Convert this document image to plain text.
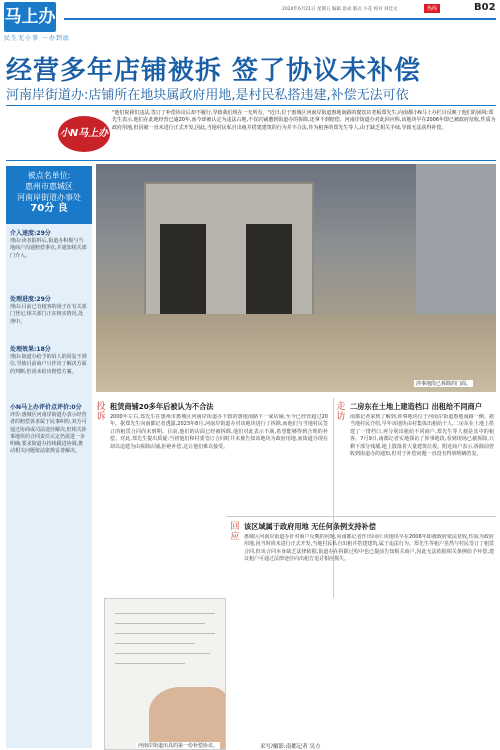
马上办
民生无小事 一办到底
2024年6月21日 星期五 编辑 思成 版式 小花 校对 刘佳文	热线	B02
经营多年店铺被拆 签了协议未补偿
河南岸街道办:店铺所在地块属政府用地,是村民私搭违建,补偿无法可依
小N马上办
"他们说我们违法,签订了补偿协议后却不履行,导致我们现在一无所有。"近日,位于惠城区河南岸街道惠地南路的餐饮店老板郑先生,向南都小N马上办栏目反映了他们的困境:郑先生表示,他们在此地经营已逾20年,而今却被认定为违法占地,不仅店铺遭到街道办的拆除,还拿不到赔偿。河南岸街道办对此回应称,该地块早在2006年即已被政府征收,性质为政府用地,但因被一直未进行正式开发,因此,当地村民私自出租并搭建建筑的行为并不合法,作为租客的郑先生等人,由于缺乏相关手续,导致无法获得补偿。
被点名单位:
惠州市惠城区
河南岸街道办事处
70分 良
介入速度:29分
理由:读者报料后,街道办积极与当地商户沟通赔偿事宜,并通知相关部门介入。
处理进度:29分
理由:目前已有租客的场子在有关部门登记,相关部门正在核实情况,处理中。
处理效果:18分
理由:街道办给予的诉人的回复不到位,导致目前商户只作出了解决方面的判断,但尚未给出赔偿方案。
小N马上办评价点评价:0分
评价:惠城区河南岸街道办表示经营者的赔偿诉求属于民事纠纷,双方可通过协商或司法途径解决,但相关涉事地块的合同责任认定仍需进一步明确,要求街道办持续跟进协调,推动相关问题依法依规妥善解决。
涉事地段已拆除的门面。
投诉
租赁商铺20多年后被认为不合法
2000年左右,郑先生在惠州市惠城区河南岸街道办下辖的惠地南路下一家店铺,至今已经营超过20年。据郑先生向南都记者透露,2023年8月,河南岸街道办对该地块进行了拆除,而他们与当地村民签订的租赁合同尚未到期。目前,他们的店面已经被拆除,他们对此表示不满,希望能够得到合理的补偿。对此,郑先生提出质疑:当初他们和村委签订合同时并未被告知该地块为政府用地,而街道办现在却以违建为由拆除店铺,拒绝补偿,这让他们难以接受。
走访
二房东在土地上建造档口 出租给不同商户
南都记者来到了解到,涉事地块位于河南岸街道惠地南路一侧。据当地村民介绍,早年该地块由村集体出租给个人,二房东在土地上搭建了一排档口,再分别出租给不同商户,郑先生等人便是其中的租客。7月9日,南都记者实地探访了涉事地段,看到现场已被拆除,只剩下部分残墙,地上散落着大量建筑垃圾。附近商户表示,拆除前曾收到街道办的通知,但对于补偿问题一直没有得到明确答复。
回应
该区域属于政府用地 无任何条例支持补偿
惠城区河南岸街道办针对商户反映的问题,向南都记者作出回应:该地块早在2006年即被政府依法征收,性质为政府用地,因当时尚未进行正式开发,当地村民私自出租并搭建建筑,属于违法行为。郑先生等租户虽然与村民签订了租赁合同,但该合同本身缺乏法律依据,街道办在拆除过程中也已提前告知相关商户,因此无法依据相关条例给予补偿,建议租户可通过法律途径向出租方追讨相应损失。
河南岸街道出具的第一份补偿协议。	采写/摄影:南都记者 吴方
